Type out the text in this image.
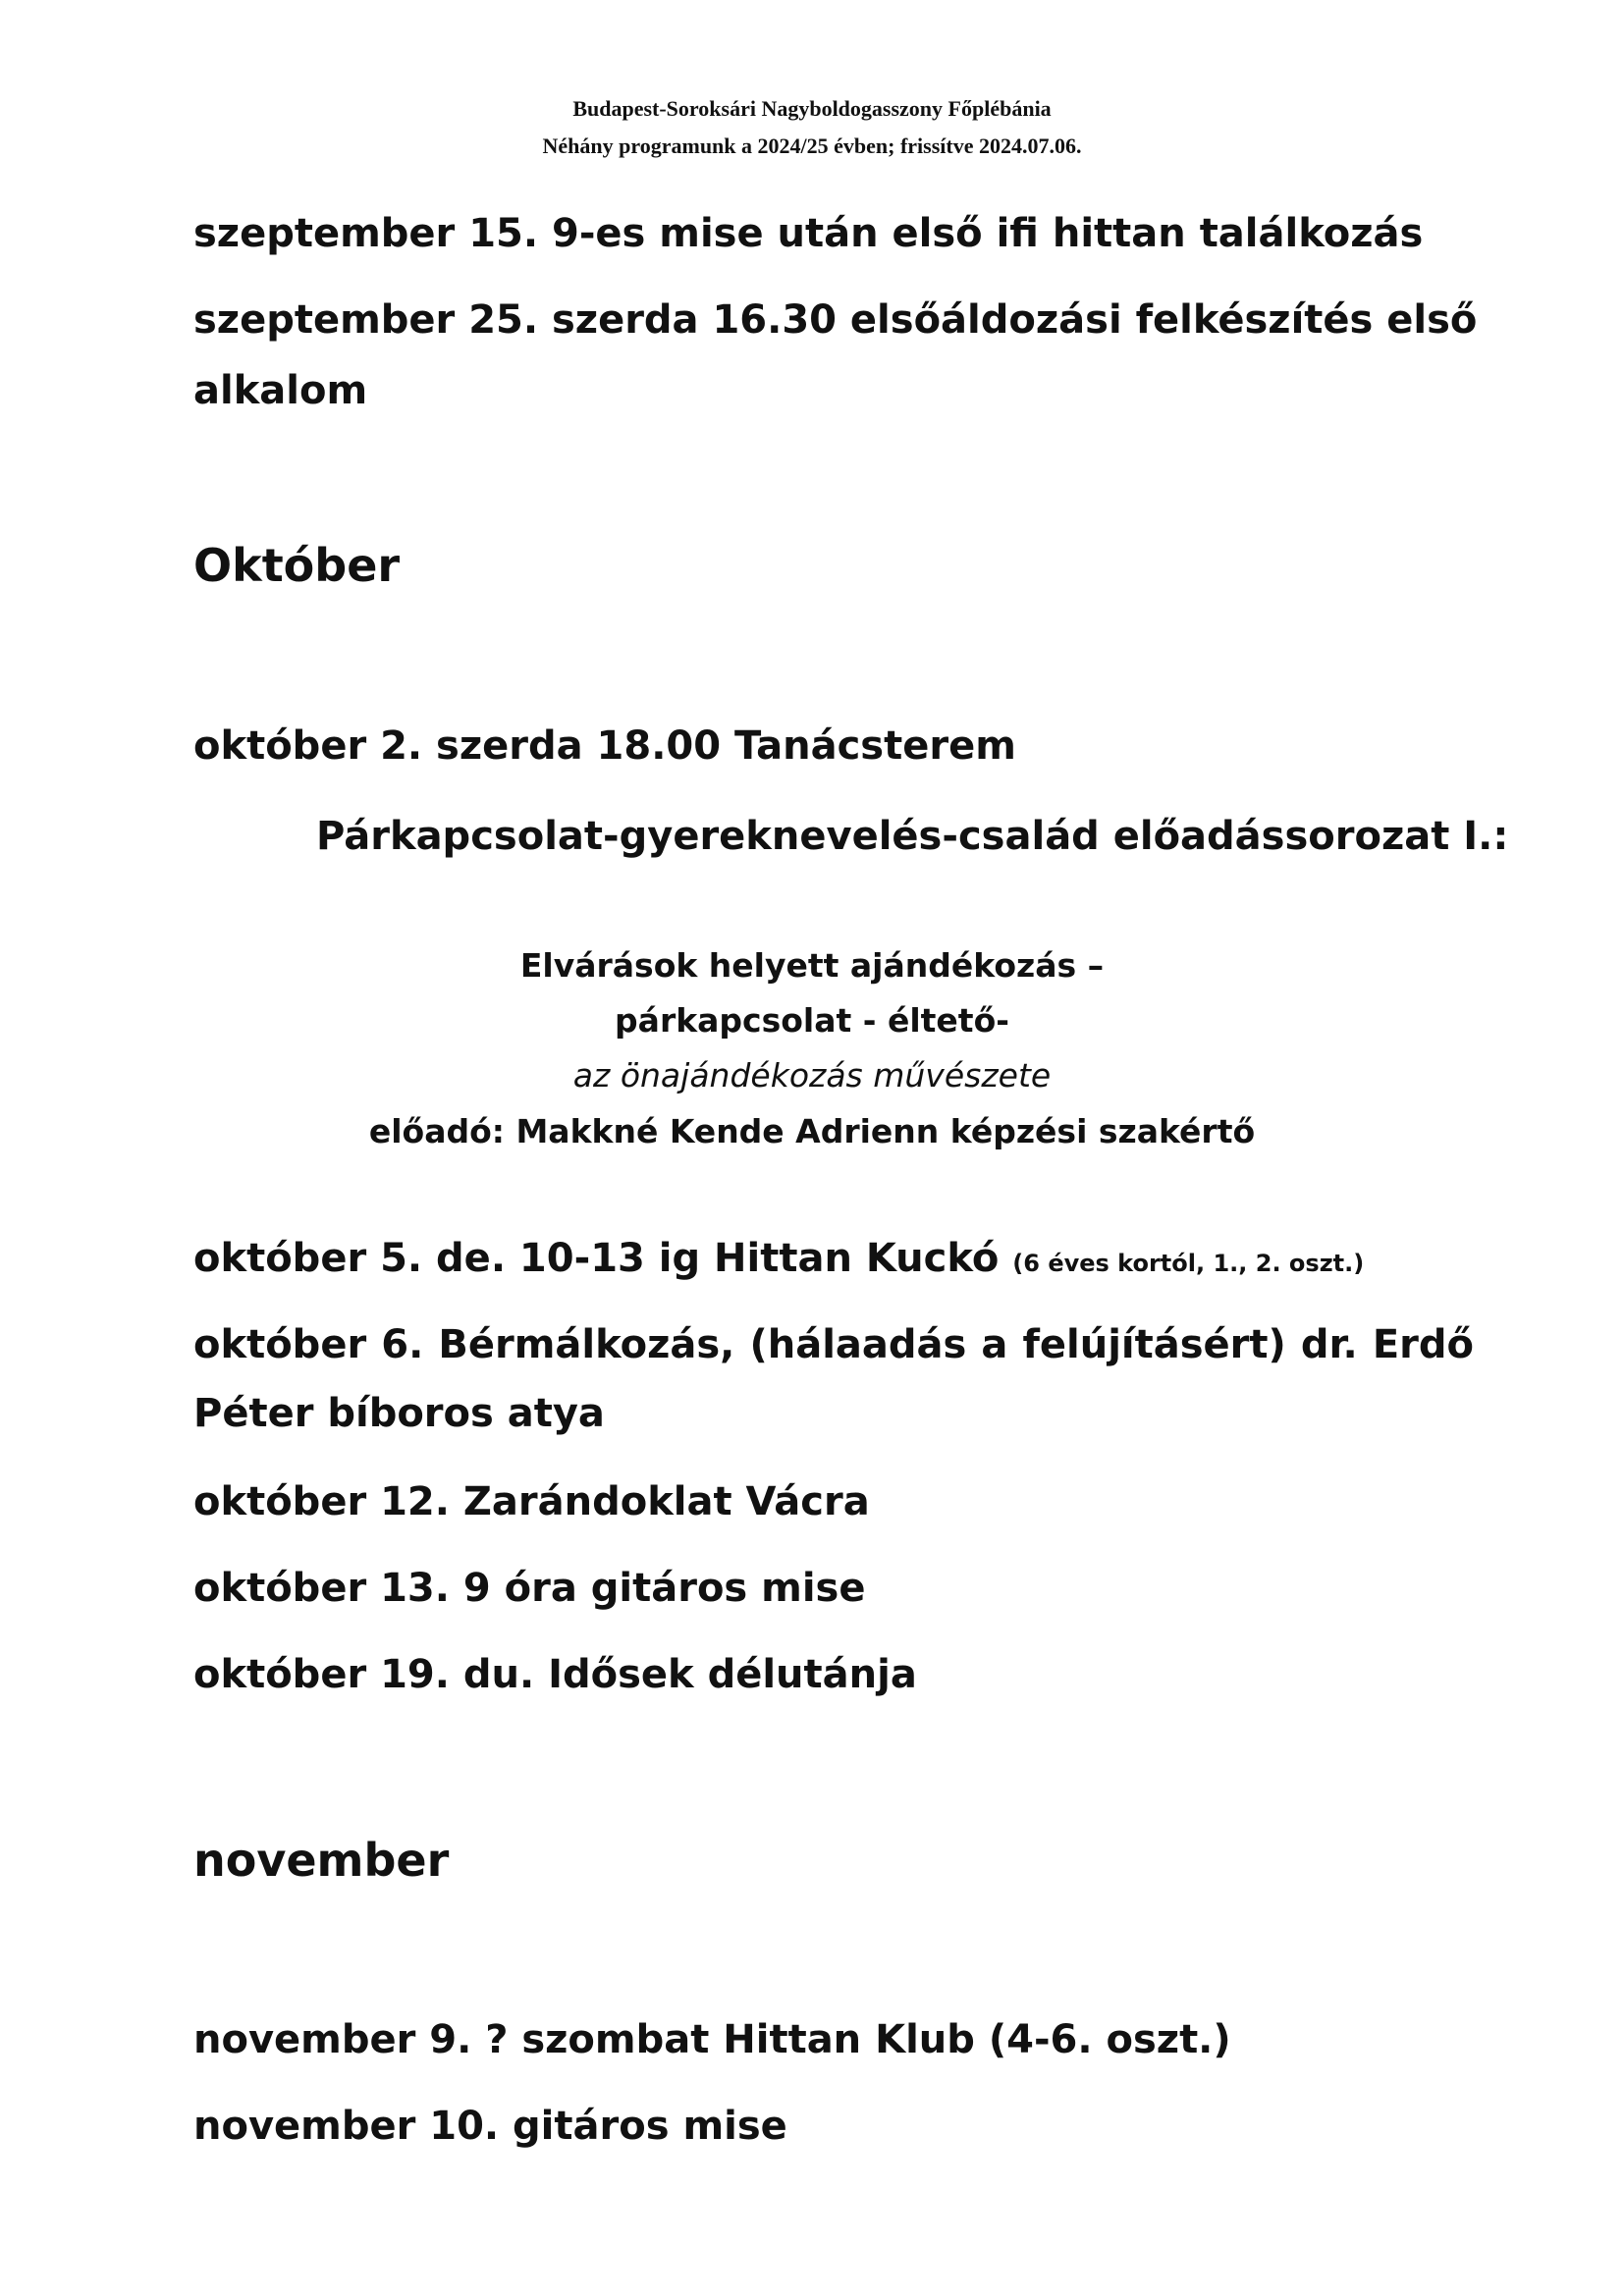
Budapest-Soroksári Nagyboldogasszony Főplébánia
Néhány programunk a 2024/25 évben; frissítve 2024.07.06.
szeptember 15. 9-es mise után első ifi hittan találkozás
szeptember 25. szerda 16.30 elsőáldozási felkészítés első
alkalom
Október
október 2. szerda 18.00 Tanácsterem
Párkapcsolat-gyereknevelés-család előadássorozat I.:
Elvárások helyett ajándékozás –
párkapcsolat - éltető-
az önajándékozás művészete
előadó: Makkné Kende Adrienn képzési szakértő
október 5. de. 10-13 ig Hittan Kuckó (6 éves kortól, 1., 2. oszt.)
október 6. Bérmálkozás, (hálaadás a felújításért) dr. Erdő
Péter bíboros atya
október 12. Zarándoklat Vácra
október 13. 9 óra gitáros mise
október 19. du. Idősek délutánja
november
november 9. ? szombat Hittan Klub (4-6. oszt.)
november 10. gitáros mise
